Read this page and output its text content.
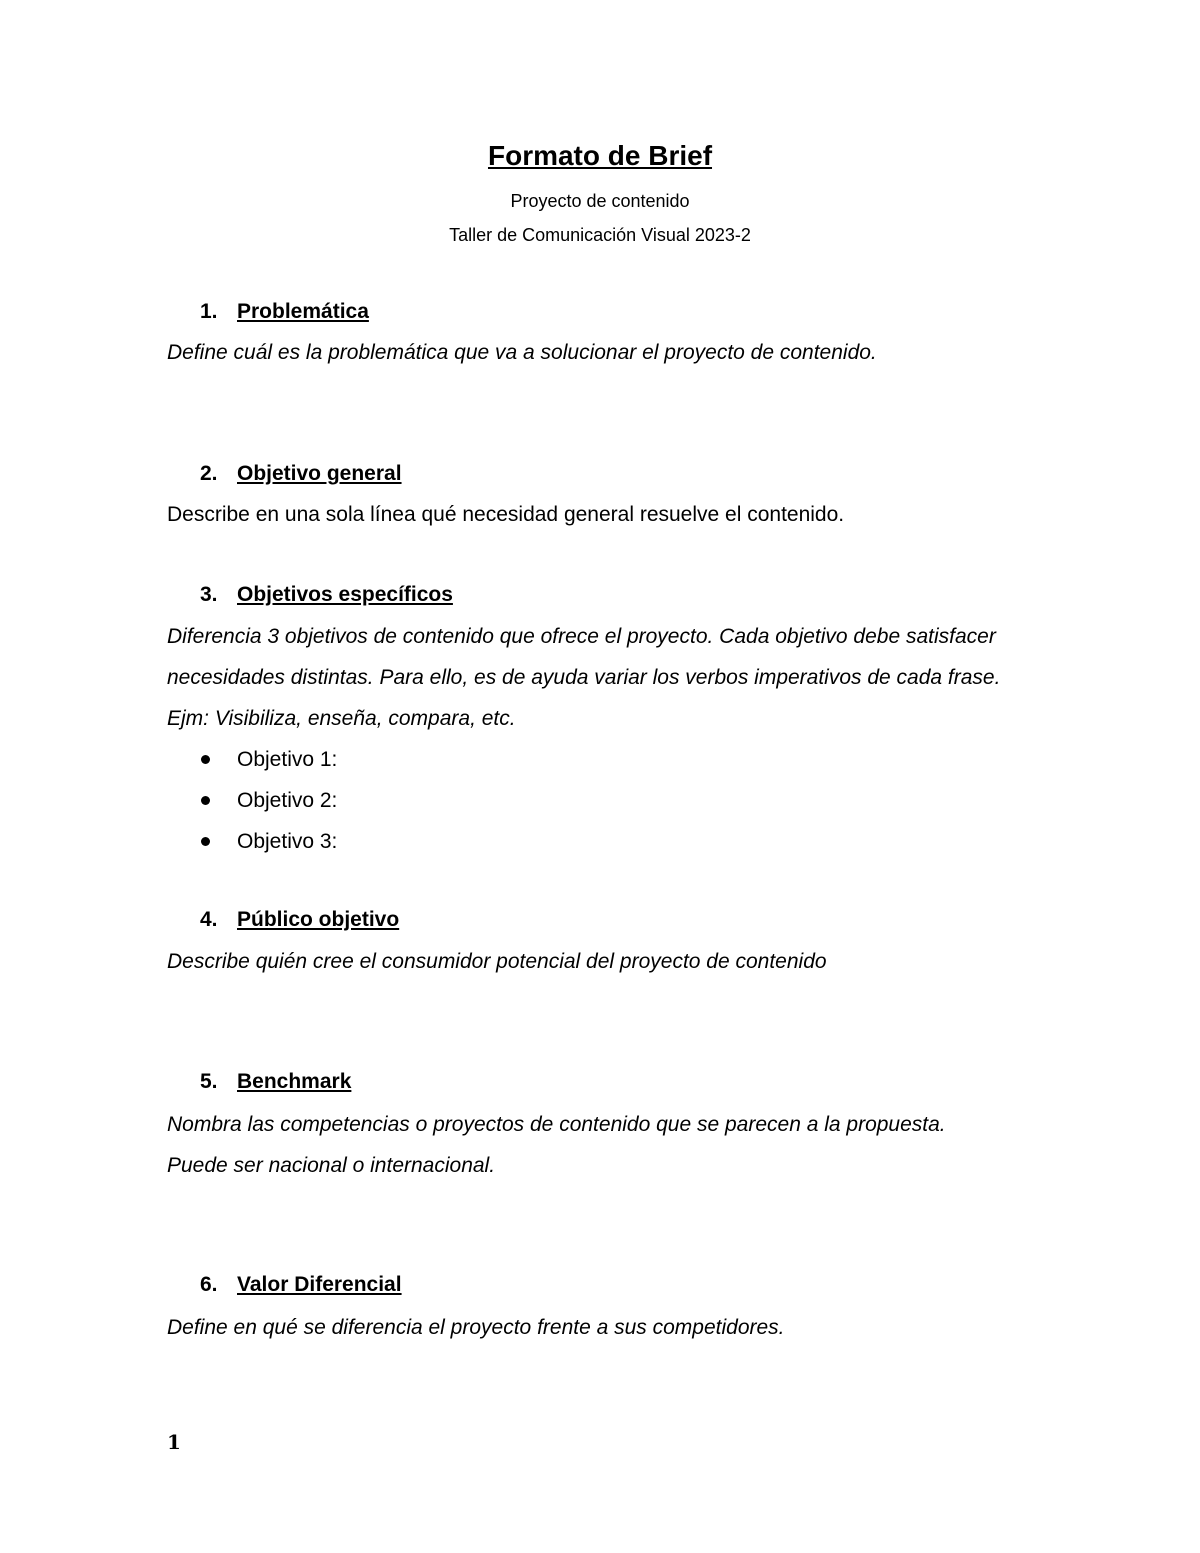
Formato de Brief

Proyecto de contenido

Taller de Comunicación Visual 2023-2

1. Problemática

Define cuál es la problemática que va a solucionar el proyecto de contenido.

2. Objetivo general

Describe en una sola línea qué necesidad general resuelve el contenido.

3. Objetivos específicos

Diferencia 3 objetivos de contenido que ofrece el proyecto. Cada objetivo debe satisfacer necesidades distintas. Para ello, es de ayuda variar los verbos imperativos de cada frase. Ejm: Visibiliza, enseña, compara, etc.

Objetivo 1:
Objetivo 2:
Objetivo 3:
4. Público objetivo

Describe quién cree el consumidor potencial del proyecto de contenido

5. Benchmark

Nombra las competencias o proyectos de contenido que se parecen a la propuesta. Puede ser nacional o internacional.

6. Valor Diferencial

Define en qué se diferencia el proyecto frente a sus competidores.

1
